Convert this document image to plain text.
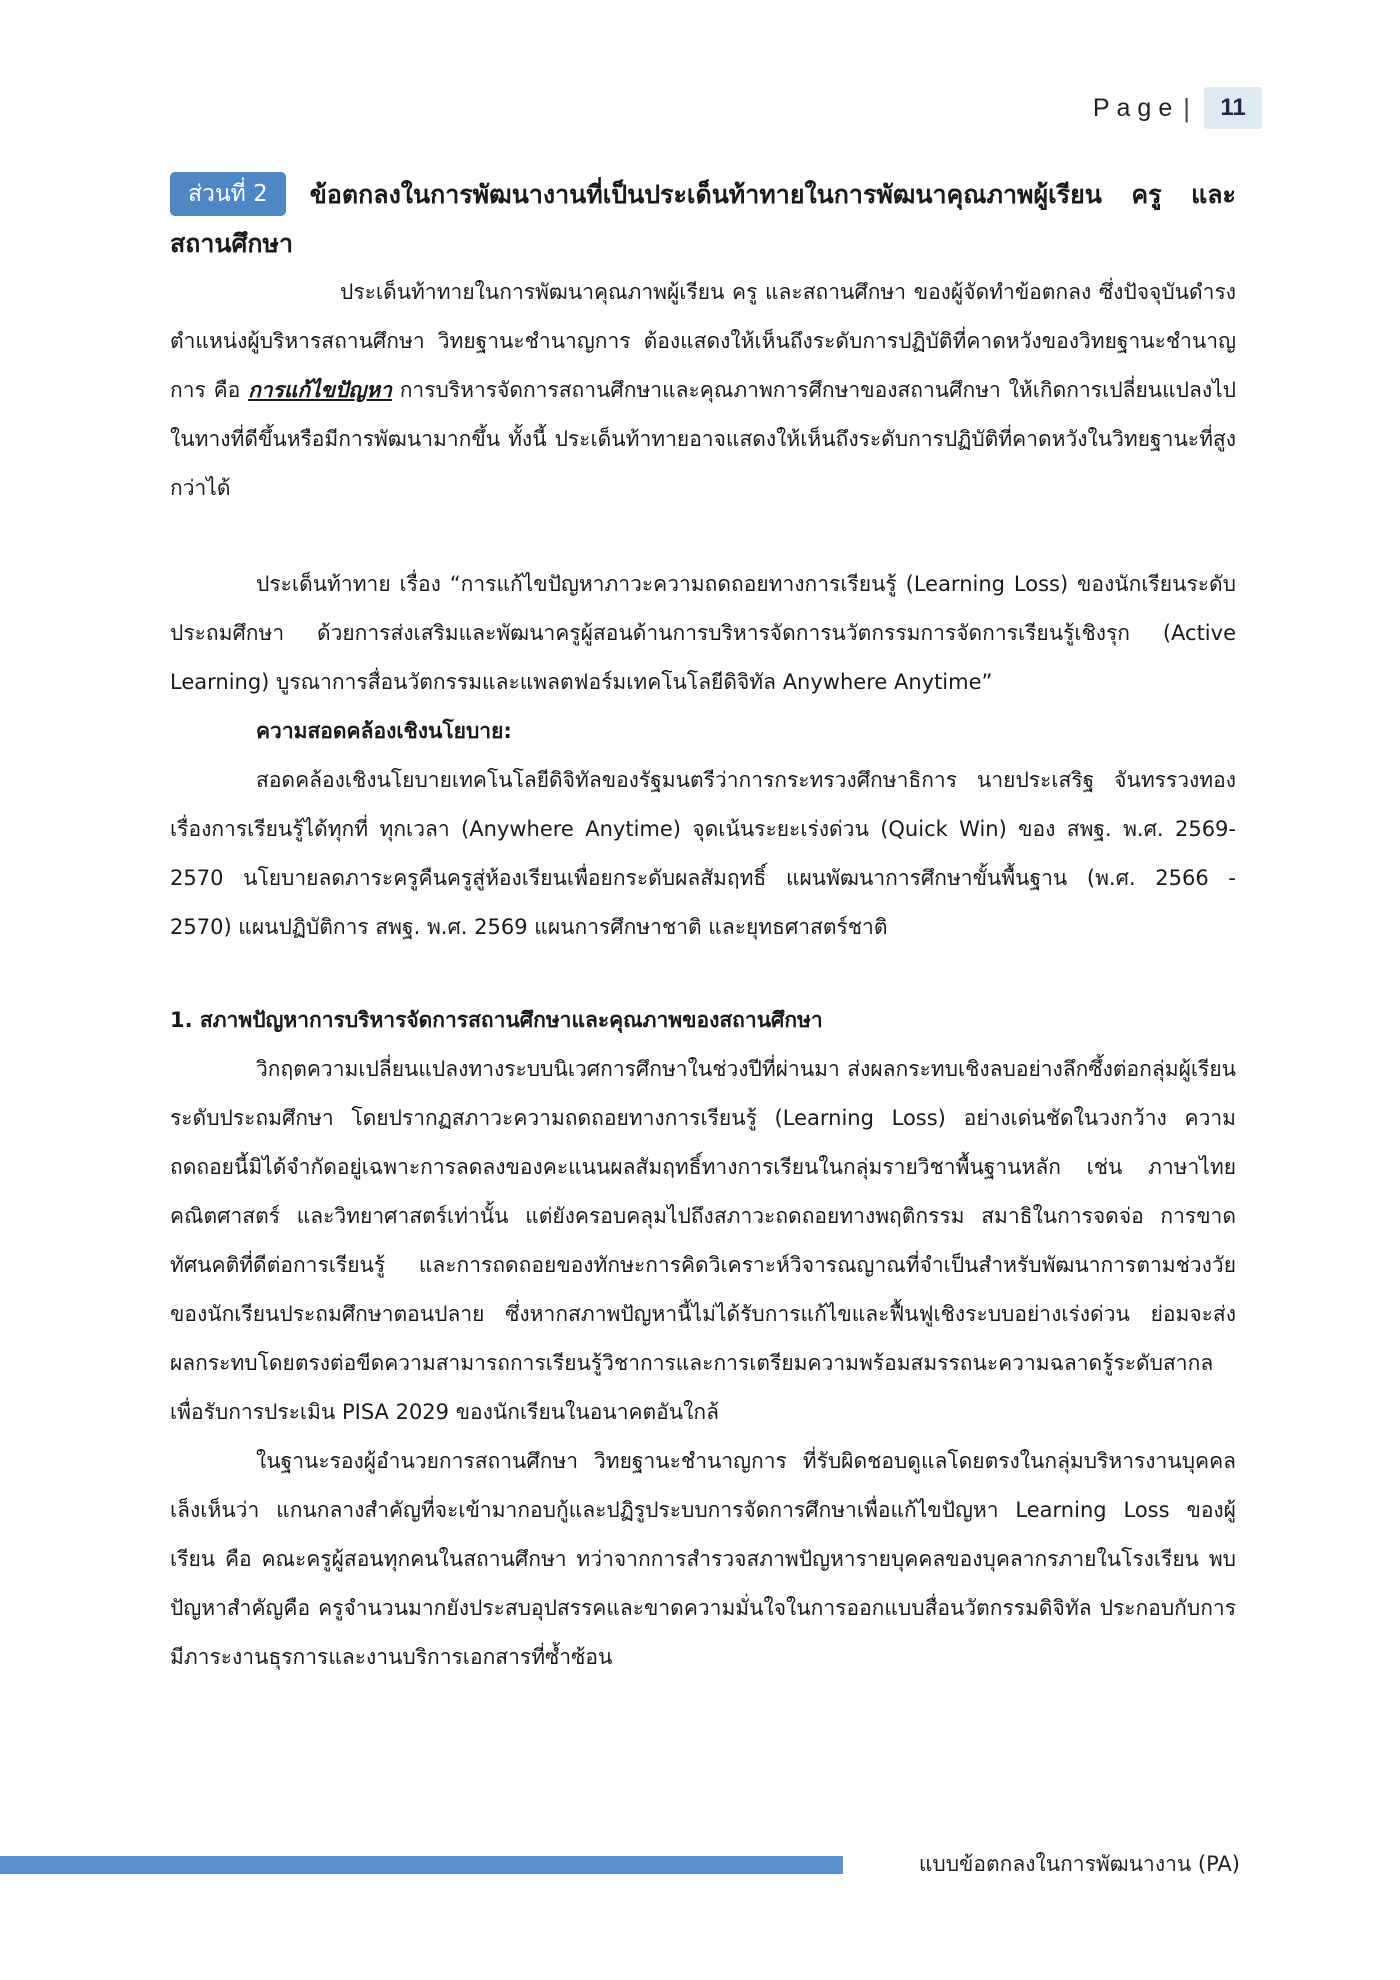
Page |	11

ส่วนที่ 2 ข้อตกลงในการพัฒนางานที่เป็นประเด็นท้าทายในการพัฒนาคุณภาพผู้เรียน ครู และสถานศึกษา

ประเด็นท้าทายในการพัฒนาคุณภาพผู้เรียน ครู และสถานศึกษา ของผู้จัดทำข้อตกลง ซึ่งปัจจุบันดำรงตำแหน่งผู้บริหารสถานศึกษา วิทยฐานะชำนาญการ ต้องแสดงให้เห็นถึงระดับการปฏิบัติที่คาดหวังของวิทยฐานะชำนาญการ คือ การแก้ไขปัญหา การบริหารจัดการสถานศึกษาและคุณภาพการศึกษาของสถานศึกษา ให้เกิดการเปลี่ยนแปลงไปในทางที่ดีขึ้นหรือมีการพัฒนามากขึ้น ทั้งนี้ ประเด็นท้าทายอาจแสดงให้เห็นถึงระดับการปฏิบัติที่คาดหวังในวิทยฐานะที่สูงกว่าได้

ประเด็นท้าทาย เรื่อง “การแก้ไขปัญหาภาวะความถดถอยทางการเรียนรู้ (Learning Loss) ของนักเรียนระดับประถมศึกษา ด้วยการส่งเสริมและพัฒนาครูผู้สอนด้านการบริหารจัดการนวัตกรรมการจัดการเรียนรู้เชิงรุก (Active Learning) บูรณาการสื่อนวัตกรรมและแพลตฟอร์มเทคโนโลยีดิจิทัล Anywhere Anytime”

ความสอดคล้องเชิงนโยบาย:

สอดคล้องเชิงนโยบายเทคโนโลยีดิจิทัลของรัฐมนตรีว่าการกระทรวงศึกษาธิการ นายประเสริฐ จันทรรวงทอง เรื่องการเรียนรู้ได้ทุกที่ ทุกเวลา (Anywhere Anytime) จุดเน้นระยะเร่งด่วน (Quick Win) ของ สพฐ. พ.ศ. 2569-2570 นโยบายลดภาระครูคืนครูสู่ห้องเรียนเพื่อยกระดับผลสัมฤทธิ์ แผนพัฒนาการศึกษาขั้นพื้นฐาน (พ.ศ. 2566 - 2570) แผนปฏิบัติการ สพฐ. พ.ศ. 2569 แผนการศึกษาชาติ และยุทธศาสตร์ชาติ

1. สภาพปัญหาการบริหารจัดการสถานศึกษาและคุณภาพของสถานศึกษา

วิกฤตความเปลี่ยนแปลงทางระบบนิเวศการศึกษาในช่วงปีที่ผ่านมา ส่งผลกระทบเชิงลบอย่างลึกซึ้งต่อกลุ่มผู้เรียนระดับประถมศึกษา โดยปรากฏสภาวะความถดถอยทางการเรียนรู้ (Learning Loss) อย่างเด่นชัดในวงกว้าง ความถดถอยนี้มิได้จำกัดอยู่เฉพาะการลดลงของคะแนนผลสัมฤทธิ์ทางการเรียนในกลุ่มรายวิชาพื้นฐานหลัก เช่น ภาษาไทย คณิตศาสตร์ และวิทยาศาสตร์เท่านั้น แต่ยังครอบคลุมไปถึงสภาวะถดถอยทางพฤติกรรม สมาธิในการจดจ่อ การขาดทัศนคติที่ดีต่อการเรียนรู้ และการถดถอยของทักษะการคิดวิเคราะห์วิจารณญาณที่จำเป็นสำหรับพัฒนาการตามช่วงวัยของนักเรียนประถมศึกษาตอนปลาย ซึ่งหากสภาพปัญหานี้ไม่ได้รับการแก้ไขและฟื้นฟูเชิงระบบอย่างเร่งด่วน ย่อมจะส่งผลกระทบโดยตรงต่อขีดความสามารถการเรียนรู้วิชาการและการเตรียมความพร้อมสมรรถนะความฉลาดรู้ระดับสากล เพื่อรับการประเมิน PISA 2029 ของนักเรียนในอนาคตอันใกล้

ในฐานะรองผู้อำนวยการสถานศึกษา วิทยฐานะชำนาญการ ที่รับผิดชอบดูแลโดยตรงในกลุ่มบริหารงานบุคคล เล็งเห็นว่า แกนกลางสำคัญที่จะเข้ามากอบกู้และปฏิรูประบบการจัดการศึกษาเพื่อแก้ไขปัญหา Learning Loss ของผู้เรียน คือ คณะครูผู้สอนทุกคนในสถานศึกษา ทว่าจากการสำรวจสภาพปัญหารายบุคคลของบุคลากรภายในโรงเรียน พบปัญหาสำคัญคือ ครูจำนวนมากยังประสบอุปสรรคและขาดความมั่นใจในการออกแบบสื่อนวัตกรรมดิจิทัล ประกอบกับการมีภาระงานธุรการและงานบริการเอกสารที่ซ้ำซ้อน

แบบข้อตกลงในการพัฒนางาน (PA)
